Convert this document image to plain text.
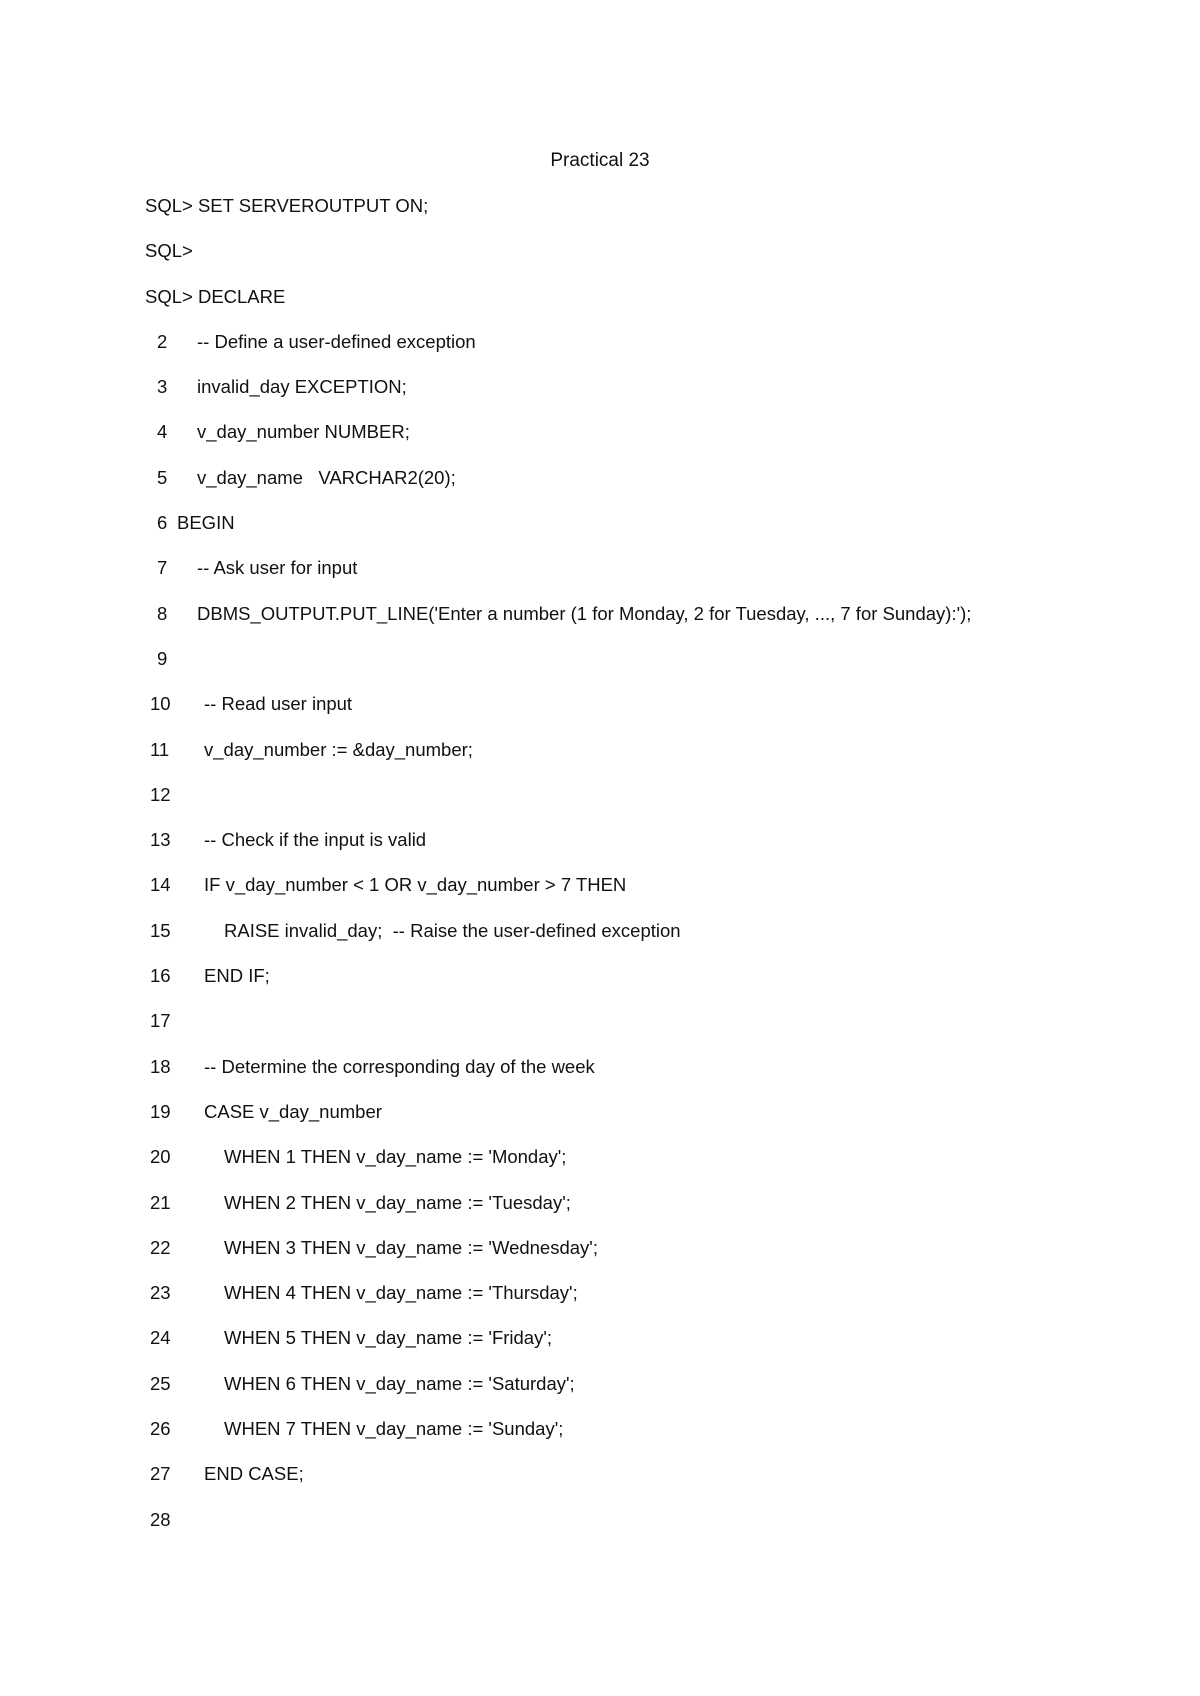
Practical 23

SQL> SET SERVEROUTPUT ON;

SQL>

SQL> DECLARE

2 -- Define a user-defined exception
3 invalid_day EXCEPTION;
4 v_day_number NUMBER;
5 v_day_name   VARCHAR2(20);
6 BEGIN
7 -- Ask user for input
8 DBMS_OUTPUT.PUT_LINE('Enter a number (1 for Monday, 2 for Tuesday, ..., 7 for Sunday):');
9
10 -- Read user input
11 v_day_number := &day_number;
12
13 -- Check if the input is valid
14 IF v_day_number < 1 OR v_day_number > 7 THEN
15	RAISE invalid_day;  -- Raise the user-defined exception
16 END IF;
17
18 -- Determine the corresponding day of the week
19 CASE v_day_number
20	WHEN 1 THEN v_day_name := 'Monday';
21	WHEN 2 THEN v_day_name := 'Tuesday';
22	WHEN 3 THEN v_day_name := 'Wednesday';
23	WHEN 4 THEN v_day_name := 'Thursday';
24	WHEN 5 THEN v_day_name := 'Friday';
25	WHEN 6 THEN v_day_name := 'Saturday';
26	WHEN 7 THEN v_day_name := 'Sunday';
27 END CASE;
28
